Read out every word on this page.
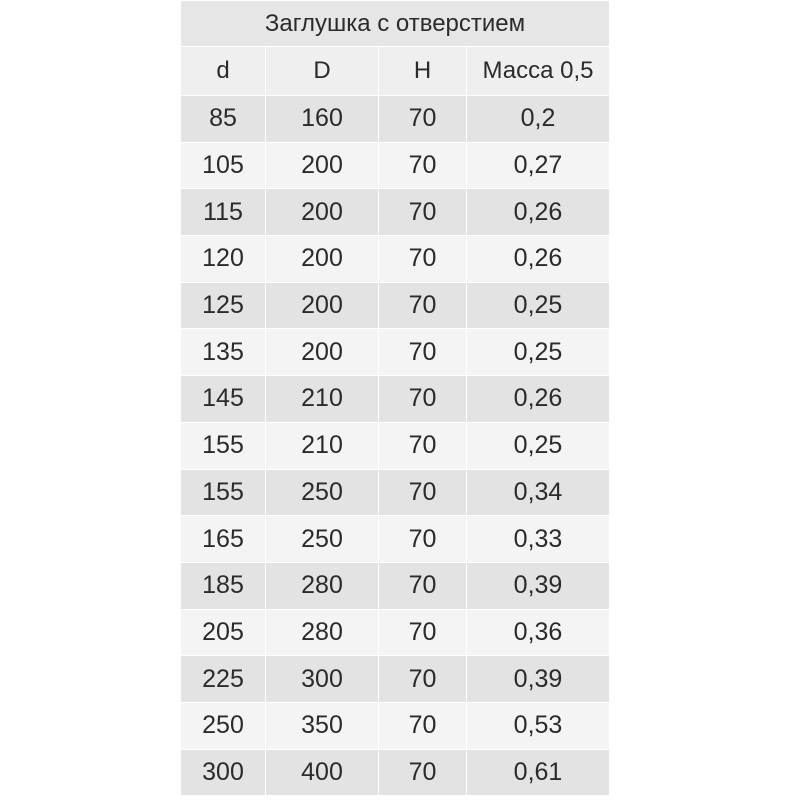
Заглушка с отверстием			
d	D	H	Масса 0,5
85	160	70	0,2
105	200	70	0,27
115	200	70	0,26
120	200	70	0,26
125	200	70	0,25
135	200	70	0,25
145	210	70	0,26
155	210	70	0,25
155	250	70	0,34
165	250	70	0,33
185	280	70	0,39
205	280	70	0,36
225	300	70	0,39
250	350	70	0,53
300	400	70	0,61
